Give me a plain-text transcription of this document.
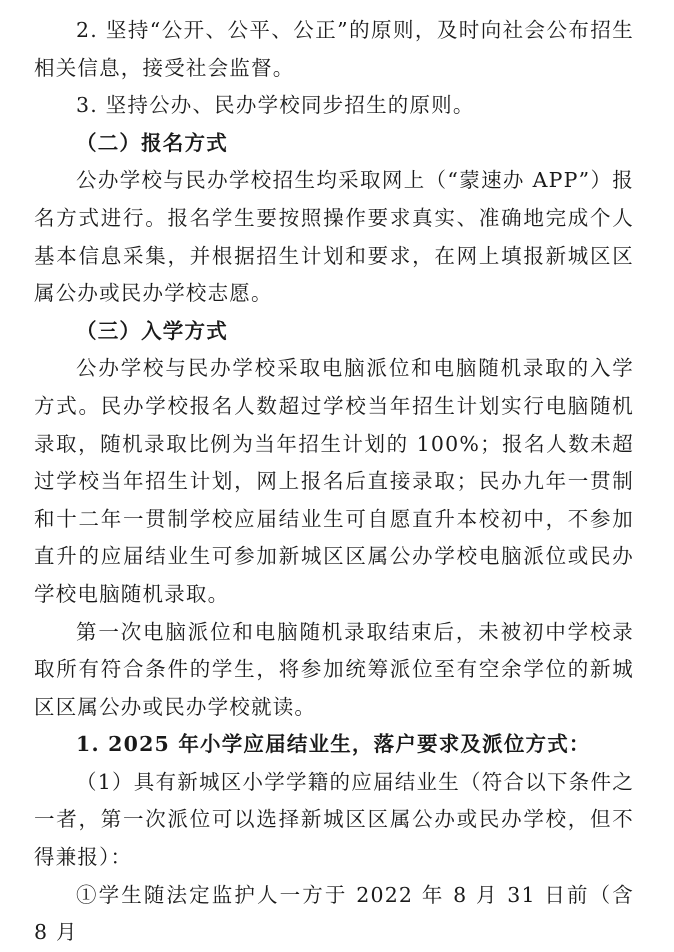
2. 坚持“公开、公平、公正”的原则，及时向社会公布招生相关信息，接受社会监督。

3. 坚持公办、民办学校同步招生的原则。

（二）报名方式

公办学校与民办学校招生均采取网上（“蒙速办 APP”）报名方式进行。报名学生要按照操作要求真实、准确地完成个人基本信息采集，并根据招生计划和要求，在网上填报新城区区属公办或民办学校志愿。

（三）入学方式

公办学校与民办学校采取电脑派位和电脑随机录取的入学方式。民办学校报名人数超过学校当年招生计划实行电脑随机录取，随机录取比例为当年招生计划的 100%；报名人数未超过学校当年招生计划，网上报名后直接录取；民办九年一贯制和十二年一贯制学校应届结业生可自愿直升本校初中，不参加直升的应届结业生可参加新城区区属公办学校电脑派位或民办学校电脑随机录取。

第一次电脑派位和电脑随机录取结束后，未被初中学校录取所有符合条件的学生，将参加统筹派位至有空余学位的新城区区属公办或民办学校就读。

1. 2025 年小学应届结业生，落户要求及派位方式：

（1）具有新城区小学学籍的应届结业生（符合以下条件之一者，第一次派位可以选择新城区区属公办或民办学校，但不得兼报）：

①学生随法定监护人一方于 2022 年 8 月 31 日前（含 8 月
